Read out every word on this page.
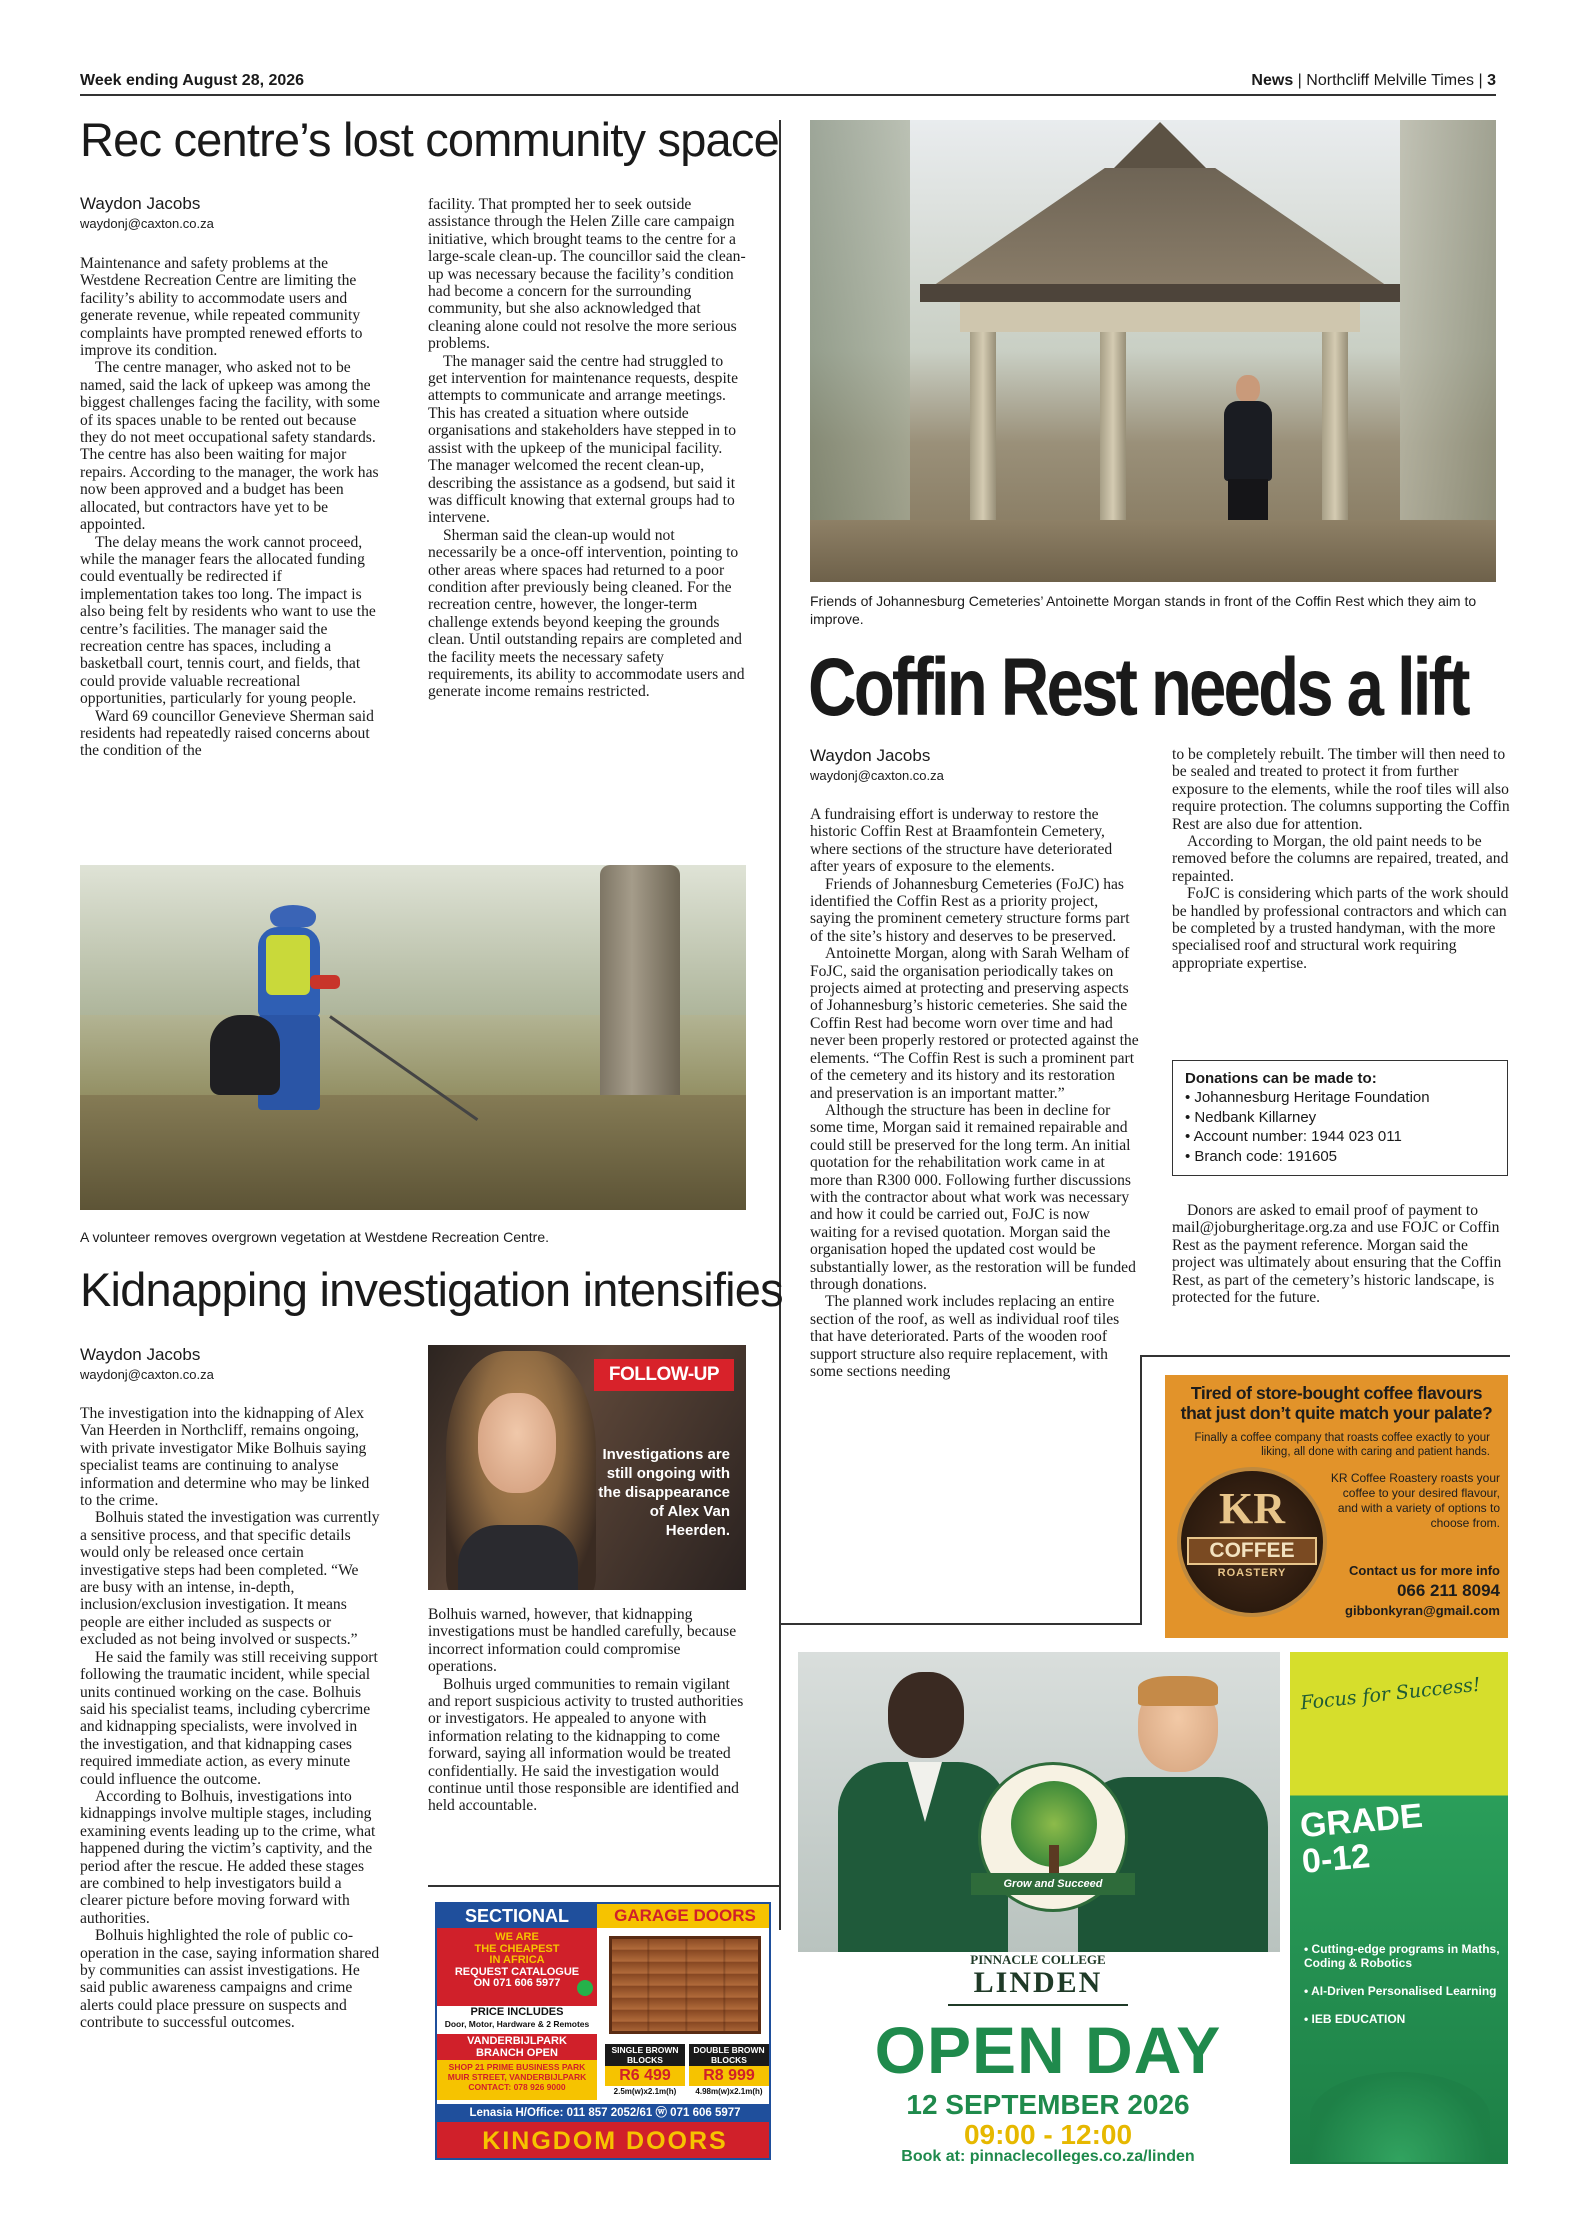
Week ending August 28, 2026	News | Northcliff Melville Times | 3
Rec centre’s lost community space
Waydon Jacobs
waydonj@caxton.co.za

Maintenance and safety problems at the Westdene Recreation Centre are limiting the facility’s ability to accommodate users and generate revenue, while repeated community complaints have prompted renewed efforts to improve its condition.

The centre manager, who asked not to be named, said the lack of upkeep was among the biggest challenges facing the facility, with some of its spaces unable to be rented out because they do not meet occupational safety standards. The centre has also been waiting for major repairs. According to the manager, the work has now been approved and a budget has been allocated, but contractors have yet to be appointed.

The delay means the work cannot proceed, while the manager fears the allocated funding could eventually be redirected if implementation takes too long. The impact is also being felt by residents who want to use the centre’s facilities. The manager said the recreation centre has spaces, including a basketball court, tennis court, and fields, that could provide valuable recreational opportunities, particularly for young people.

Ward 69 councillor Genevieve Sherman said residents had repeatedly raised concerns about the condition of the

facility. That prompted her to seek outside assistance through the Helen Zille care campaign initiative, which brought teams to the centre for a large-scale clean-up. The councillor said the clean-up was necessary because the facility’s condition had become a concern for the surrounding community, but she also acknowledged that cleaning alone could not resolve the more serious problems.

The manager said the centre had struggled to get intervention for maintenance requests, despite attempts to communicate and arrange meetings. This has created a situation where outside organisations and stakeholders have stepped in to assist with the upkeep of the municipal facility. The manager welcomed the recent clean-up, describing the assistance as a godsend, but said it was difficult knowing that external groups had to intervene.

Sherman said the clean-up would not necessarily be a once-off intervention, pointing to other areas where spaces had returned to a poor condition after previously being cleaned. For the recreation centre, however, the longer-term challenge extends beyond keeping the grounds clean. Until outstanding repairs are completed and the facility meets the necessary safety requirements, its ability to accommodate users and generate income remains restricted.

A volunteer removes overgrown vegetation at Westdene Recreation Centre.
Kidnapping investigation intensifies
Waydon Jacobs
waydonj@caxton.co.za

The investigation into the kidnapping of Alex Van Heerden in Northcliff, remains ongoing, with private investigator Mike Bolhuis saying specialist teams are continuing to analyse information and determine who may be linked to the crime.

Bolhuis stated the investigation was currently a sensitive process, and that specific details would only be released once certain investigative steps had been completed. “We are busy with an intense, in-depth, inclusion/exclusion investigation. It means people are either included as suspects or excluded as not being involved or suspects.”

He said the family was still receiving support following the traumatic incident, while special units continued working on the case. Bolhuis said his specialist teams, including cybercrime and kidnapping specialists, were involved in the investigation, and that kidnapping cases required immediate action, as every minute could influence the outcome.

According to Bolhuis, investigations into kidnappings involve multiple stages, including examining events leading up to the crime, what happened during the victim’s captivity, and the period after the rescue. He added these stages are combined to help investigators build a clearer picture before moving forward with authorities.

Bolhuis highlighted the role of public co-operation in the case, saying information shared by communities can assist investigations. He said public awareness campaigns and crime alerts could place pressure on suspects and contribute to successful outcomes.

FOLLOW-UP
Investigations are still ongoing with the disappearance of Alex Van Heerden.

Bolhuis warned, however, that kidnapping investigations must be handled carefully, because incorrect information could compromise operations.

Bolhuis urged communities to remain vigilant and report suspicious activity to trusted authorities or investigators. He appealed to anyone with information relating to the kidnapping to come forward, saying all information would be treated confidentially. He said the investigation would continue until those responsible are identified and held accountable.

SECTIONAL	GARAGE DOORS
WE ARE
THE CHEAPEST
IN AFRICA
REQUEST CATALOGUE
ON 071 606 5977
PRICE INCLUDES
Door, Motor, Hardware & 2 Remotes
VANDERBIJLPARK
BRANCH OPEN
SHOP 21 PRIME BUSINESS PARK MUIR STREET, VANDERBIJLPARK
CONTACT: 078 926 9000
SINGLE BROWN BLOCKS
R6 499
2.5m(w)x2.1m(h)
DOUBLE BROWN BLOCKS
R8 999
4.98m(w)x2.1m(h)
Lenasia H/Office: 011 857 2052/61 ⓦ 071 606 5977
KINGDOM DOORS
Friends of Johannesburg Cemeteries’ Antoinette Morgan stands in front of the Coffin Rest which they aim to improve.
Coffin Rest needs a lift
Waydon Jacobs
waydonj@caxton.co.za

A fundraising effort is underway to restore the historic Coffin Rest at Braamfontein Cemetery, where sections of the structure have deteriorated after years of exposure to the elements.

Friends of Johannesburg Cemeteries (FoJC) has identified the Coffin Rest as a priority project, saying the prominent cemetery structure forms part of the site’s history and deserves to be preserved.

Antoinette Morgan, along with Sarah Welham of FoJC, said the organisation periodically takes on projects aimed at protecting and preserving aspects of Johannesburg’s historic cemeteries. She said the Coffin Rest had become worn over time and had never been properly restored or protected against the elements. “The Coffin Rest is such a prominent part of the cemetery and its history and its restoration and preservation is an important matter.”

Although the structure has been in decline for some time, Morgan said it remained repairable and could still be preserved for the long term. An initial quotation for the rehabilitation work came in at more than R300 000. Following further discussions with the contractor about what work was necessary and how it could be carried out, FoJC is now waiting for a revised quotation. Morgan said the organisation hoped the updated cost would be substantially lower, as the restoration will be funded through donations.

The planned work includes replacing an entire section of the roof, as well as individual roof tiles that have deteriorated. Parts of the wooden roof support structure also require replacement, with some sections needing

to be completely rebuilt. The timber will then need to be sealed and treated to protect it from further exposure to the elements, while the roof tiles will also require protection. The columns supporting the Coffin Rest are also due for attention.

According to Morgan, the old paint needs to be removed before the columns are repaired, treated, and repainted.

FoJC is considering which parts of the work should be handled by professional contractors and which can be completed by a trusted handyman, with the more specialised roof and structural work requiring appropriate expertise.

Donations can be made to:
• Johannesburg Heritage Foundation
• Nedbank Killarney
• Account number: 1944 023 011
• Branch code: 191605

Donors are asked to email proof of payment to mail@joburgheritage.org.za and use FOJC or Coffin Rest as the payment reference. Morgan said the project was ultimately about ensuring that the Coffin Rest, as part of the cemetery’s historic landscape, is protected for the future.

Tired of store-bought coffee flavours that just don’t quite match your palate?
Finally a coffee company that roasts coffee exactly to your liking, all done with caring and patient hands.
KR
COFFEE
ROASTERY
KR Coffee Roastery roasts your coffee to your desired flavour, and with a variety of options to choose from.
Contact us for more info
066 211 8094
gibbonkyran@gmail.com
Grow and Succeed
Focus for Success!
GRADE
0-12
• Cutting-edge programs in Maths, Coding & Robotics
• AI-Driven Personalised Learning
• IEB EDUCATION
PINNACLE COLLEGE
LINDEN
OPEN DAY
12 SEPTEMBER 2026
09:00 - 12:00
Book at: pinnaclecolleges.co.za/linden
